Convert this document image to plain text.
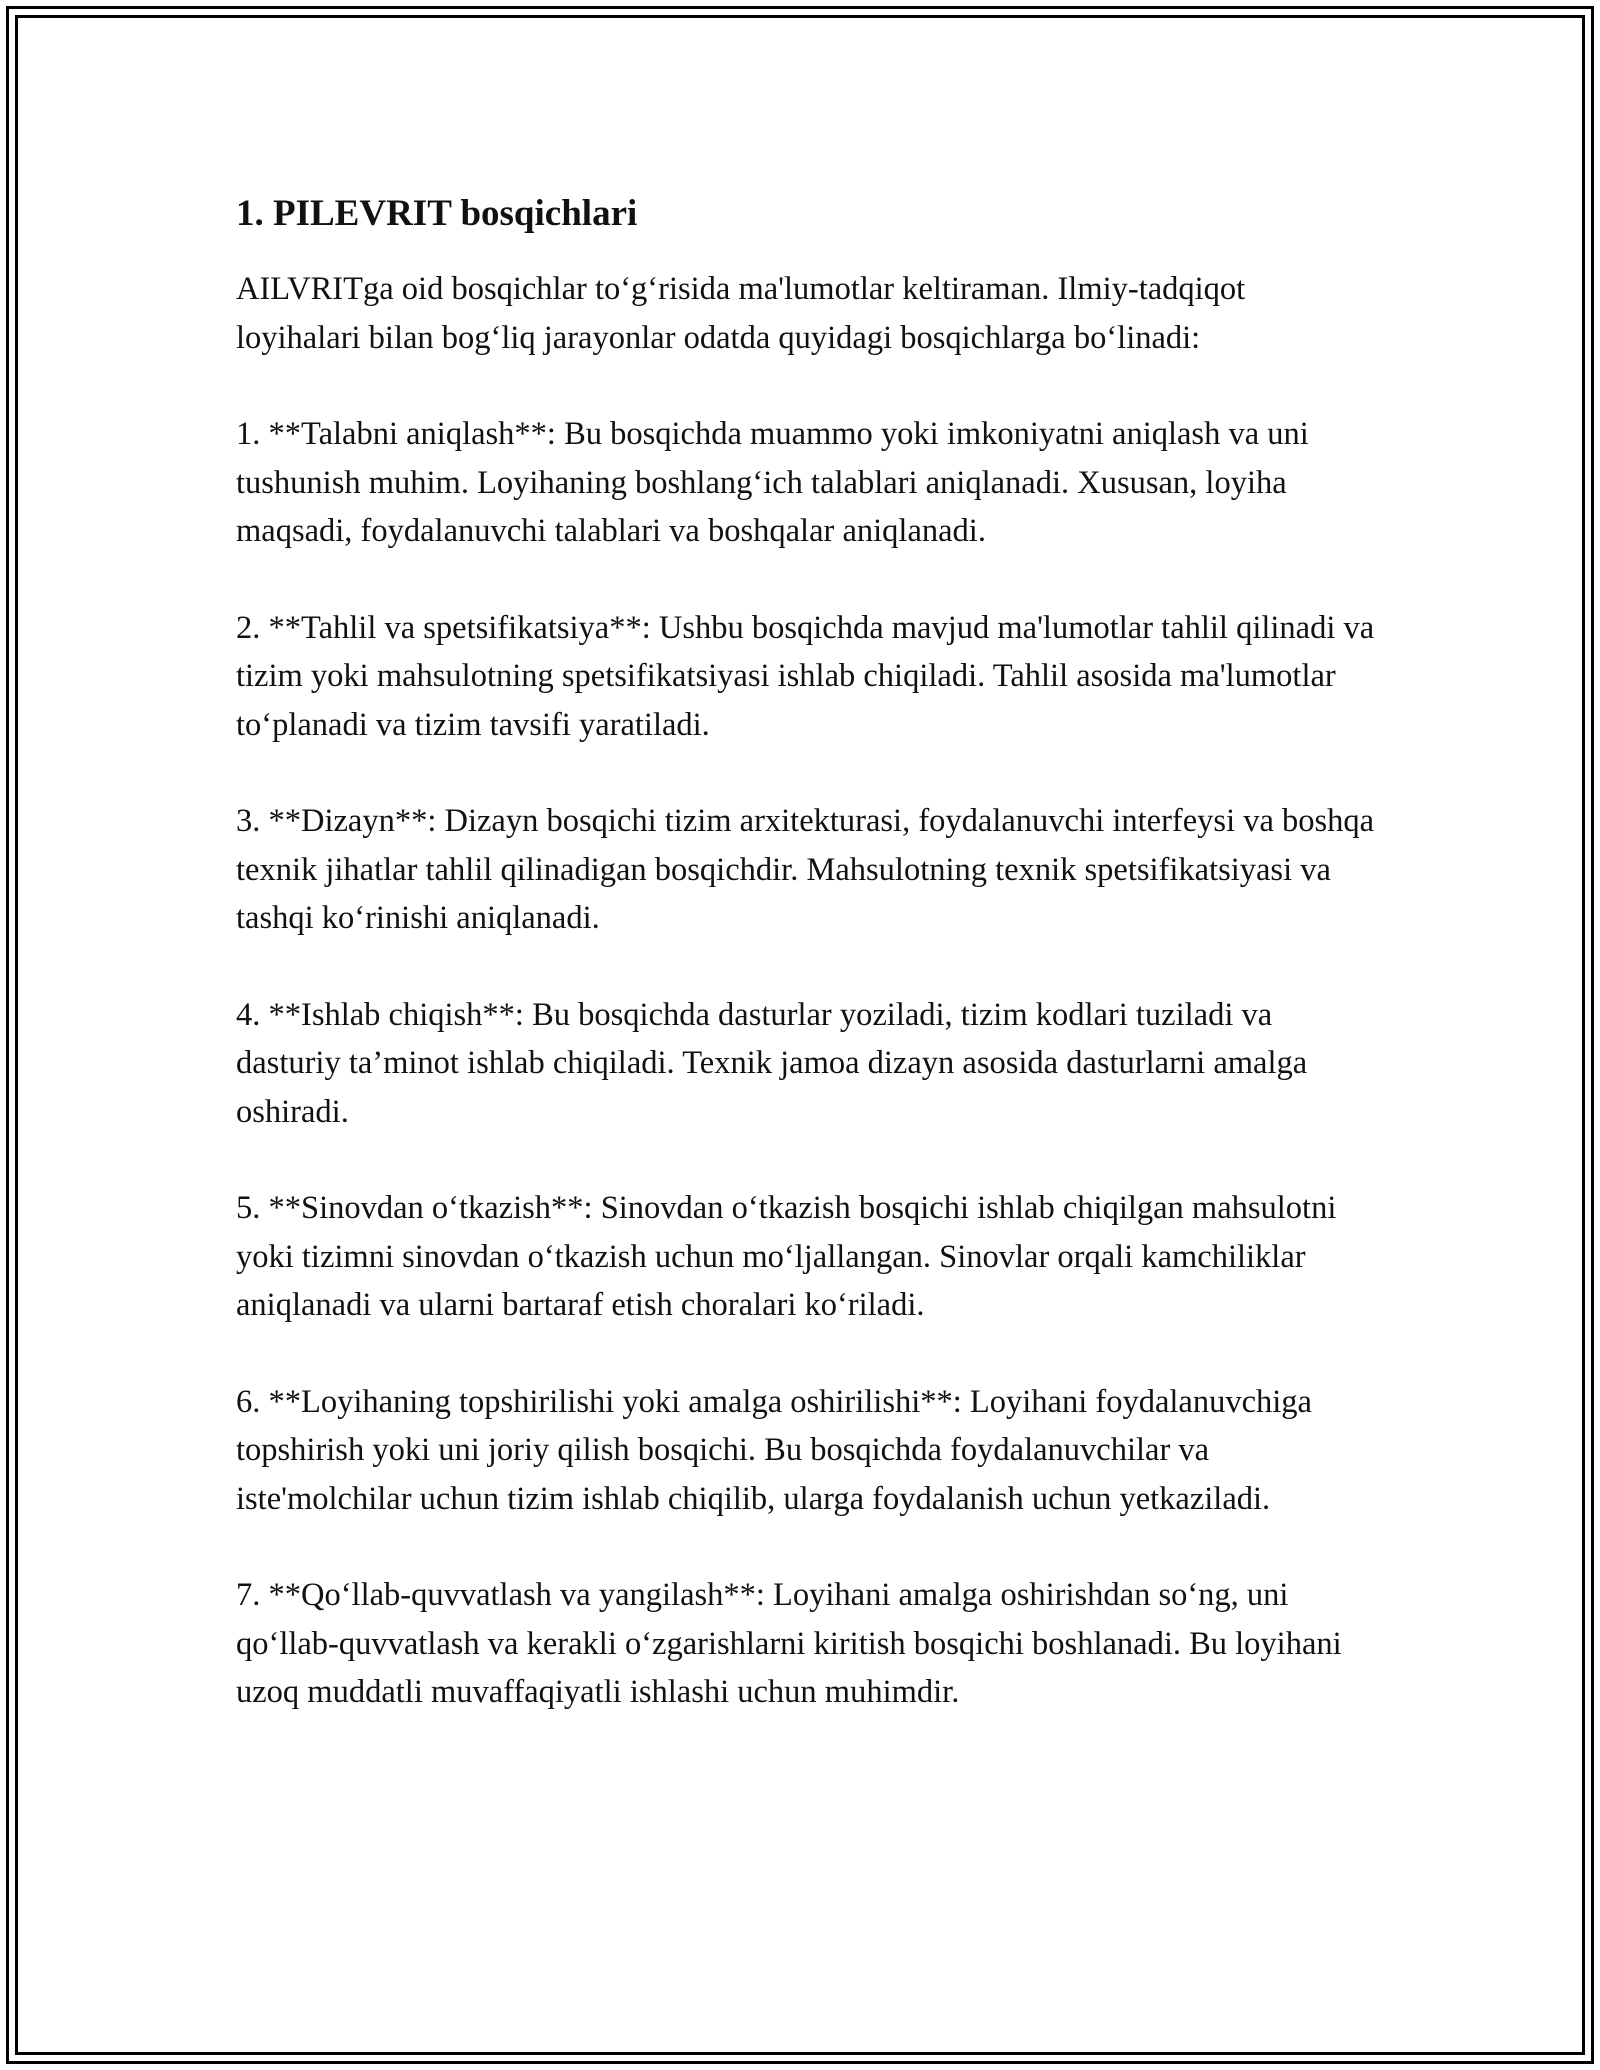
1. PILEVRIT bosqichlari

AILVRITga oid bosqichlar to‘g‘risida ma'lumotlar keltiraman. Ilmiy-tadqiqot loyihalari bilan bog‘liq jarayonlar odatda quyidagi bosqichlarga bo‘linadi:

1. **Talabni aniqlash**: Bu bosqichda muammo yoki imkoniyatni aniqlash va uni tushunish muhim. Loyihaning boshlang‘ich talablari aniqlanadi. Xususan, loyiha maqsadi, foydalanuvchi talablari va boshqalar aniqlanadi.

2. **Tahlil va spetsifikatsiya**: Ushbu bosqichda mavjud ma'lumotlar tahlil qilinadi va tizim yoki mahsulotning spetsifikatsiyasi ishlab chiqiladi. Tahlil asosida ma'lumotlar to‘planadi va tizim tavsifi yaratiladi.

3. **Dizayn**: Dizayn bosqichi tizim arxitekturasi, foydalanuvchi interfeysi va boshqa texnik jihatlar tahlil qilinadigan bosqichdir. Mahsulotning texnik spetsifikatsiyasi va tashqi ko‘rinishi aniqlanadi.

4. **Ishlab chiqish**: Bu bosqichda dasturlar yoziladi, tizim kodlari tuziladi va dasturiy ta’minot ishlab chiqiladi. Texnik jamoa dizayn asosida dasturlarni amalga oshiradi.

5. **Sinovdan o‘tkazish**: Sinovdan o‘tkazish bosqichi ishlab chiqilgan mahsulotni yoki tizimni sinovdan o‘tkazish uchun mo‘ljallangan. Sinovlar orqali kamchiliklar aniqlanadi va ularni bartaraf etish choralari ko‘riladi.

6. **Loyihaning topshirilishi yoki amalga oshirilishi**: Loyihani foydalanuvchiga topshirish yoki uni joriy qilish bosqichi. Bu bosqichda foydalanuvchilar va iste'molchilar uchun tizim ishlab chiqilib, ularga foydalanish uchun yetkaziladi.

7. **Qo‘llab-quvvatlash va yangilash**: Loyihani amalga oshirishdan so‘ng, uni qo‘llab-quvvatlash va kerakli o‘zgarishlarni kiritish bosqichi boshlanadi. Bu loyihani uzoq muddatli muvaffaqiyatli ishlashi uchun muhimdir.
